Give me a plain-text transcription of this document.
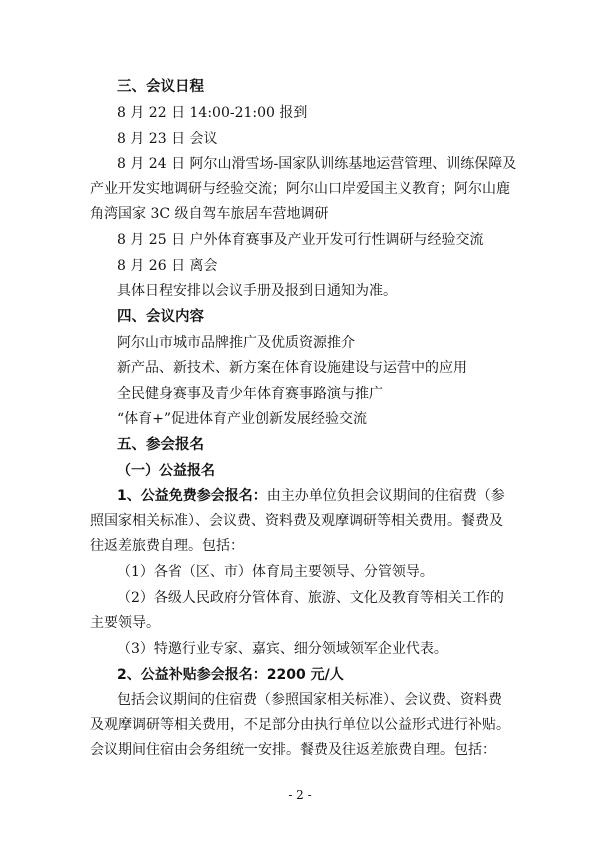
三、会议日程
8 月 22 日 14:00-21:00 报到
8 月 23 日 会议
8 月 24 日 阿尔山滑雪场-国家队训练基地运营管理、训练保障及
产业开发实地调研与经验交流；阿尔山口岸爱国主义教育；阿尔山鹿
角湾国家 3C 级自驾车旅居车营地调研
8 月 25 日 户外体育赛事及产业开发可行性调研与经验交流
8 月 26 日 离会
具体日程安排以会议手册及报到日通知为准。
四、会议内容
阿尔山市城市品牌推广及优质资源推介
新产品、新技术、新方案在体育设施建设与运营中的应用
全民健身赛事及青少年体育赛事路演与推广
“体育+”促进体育产业创新发展经验交流
五、参会报名
（一）公益报名
1、公益免费参会报名：由主办单位负担会议期间的住宿费（参
照国家相关标准）、会议费、资料费及观摩调研等相关费用。餐费及
往返差旅费自理。包括：
（1）各省（区、市）体育局主要领导、分管领导。
（2）各级人民政府分管体育、旅游、文化及教育等相关工作的
主要领导。
（3）特邀行业专家、嘉宾、细分领域领军企业代表。
2、公益补贴参会报名：2200 元/人
包括会议期间的住宿费（参照国家相关标准）、会议费、资料费
及观摩调研等相关费用，不足部分由执行单位以公益形式进行补贴。
会议期间住宿由会务组统一安排。餐费及往返差旅费自理。包括：
- 2 -
